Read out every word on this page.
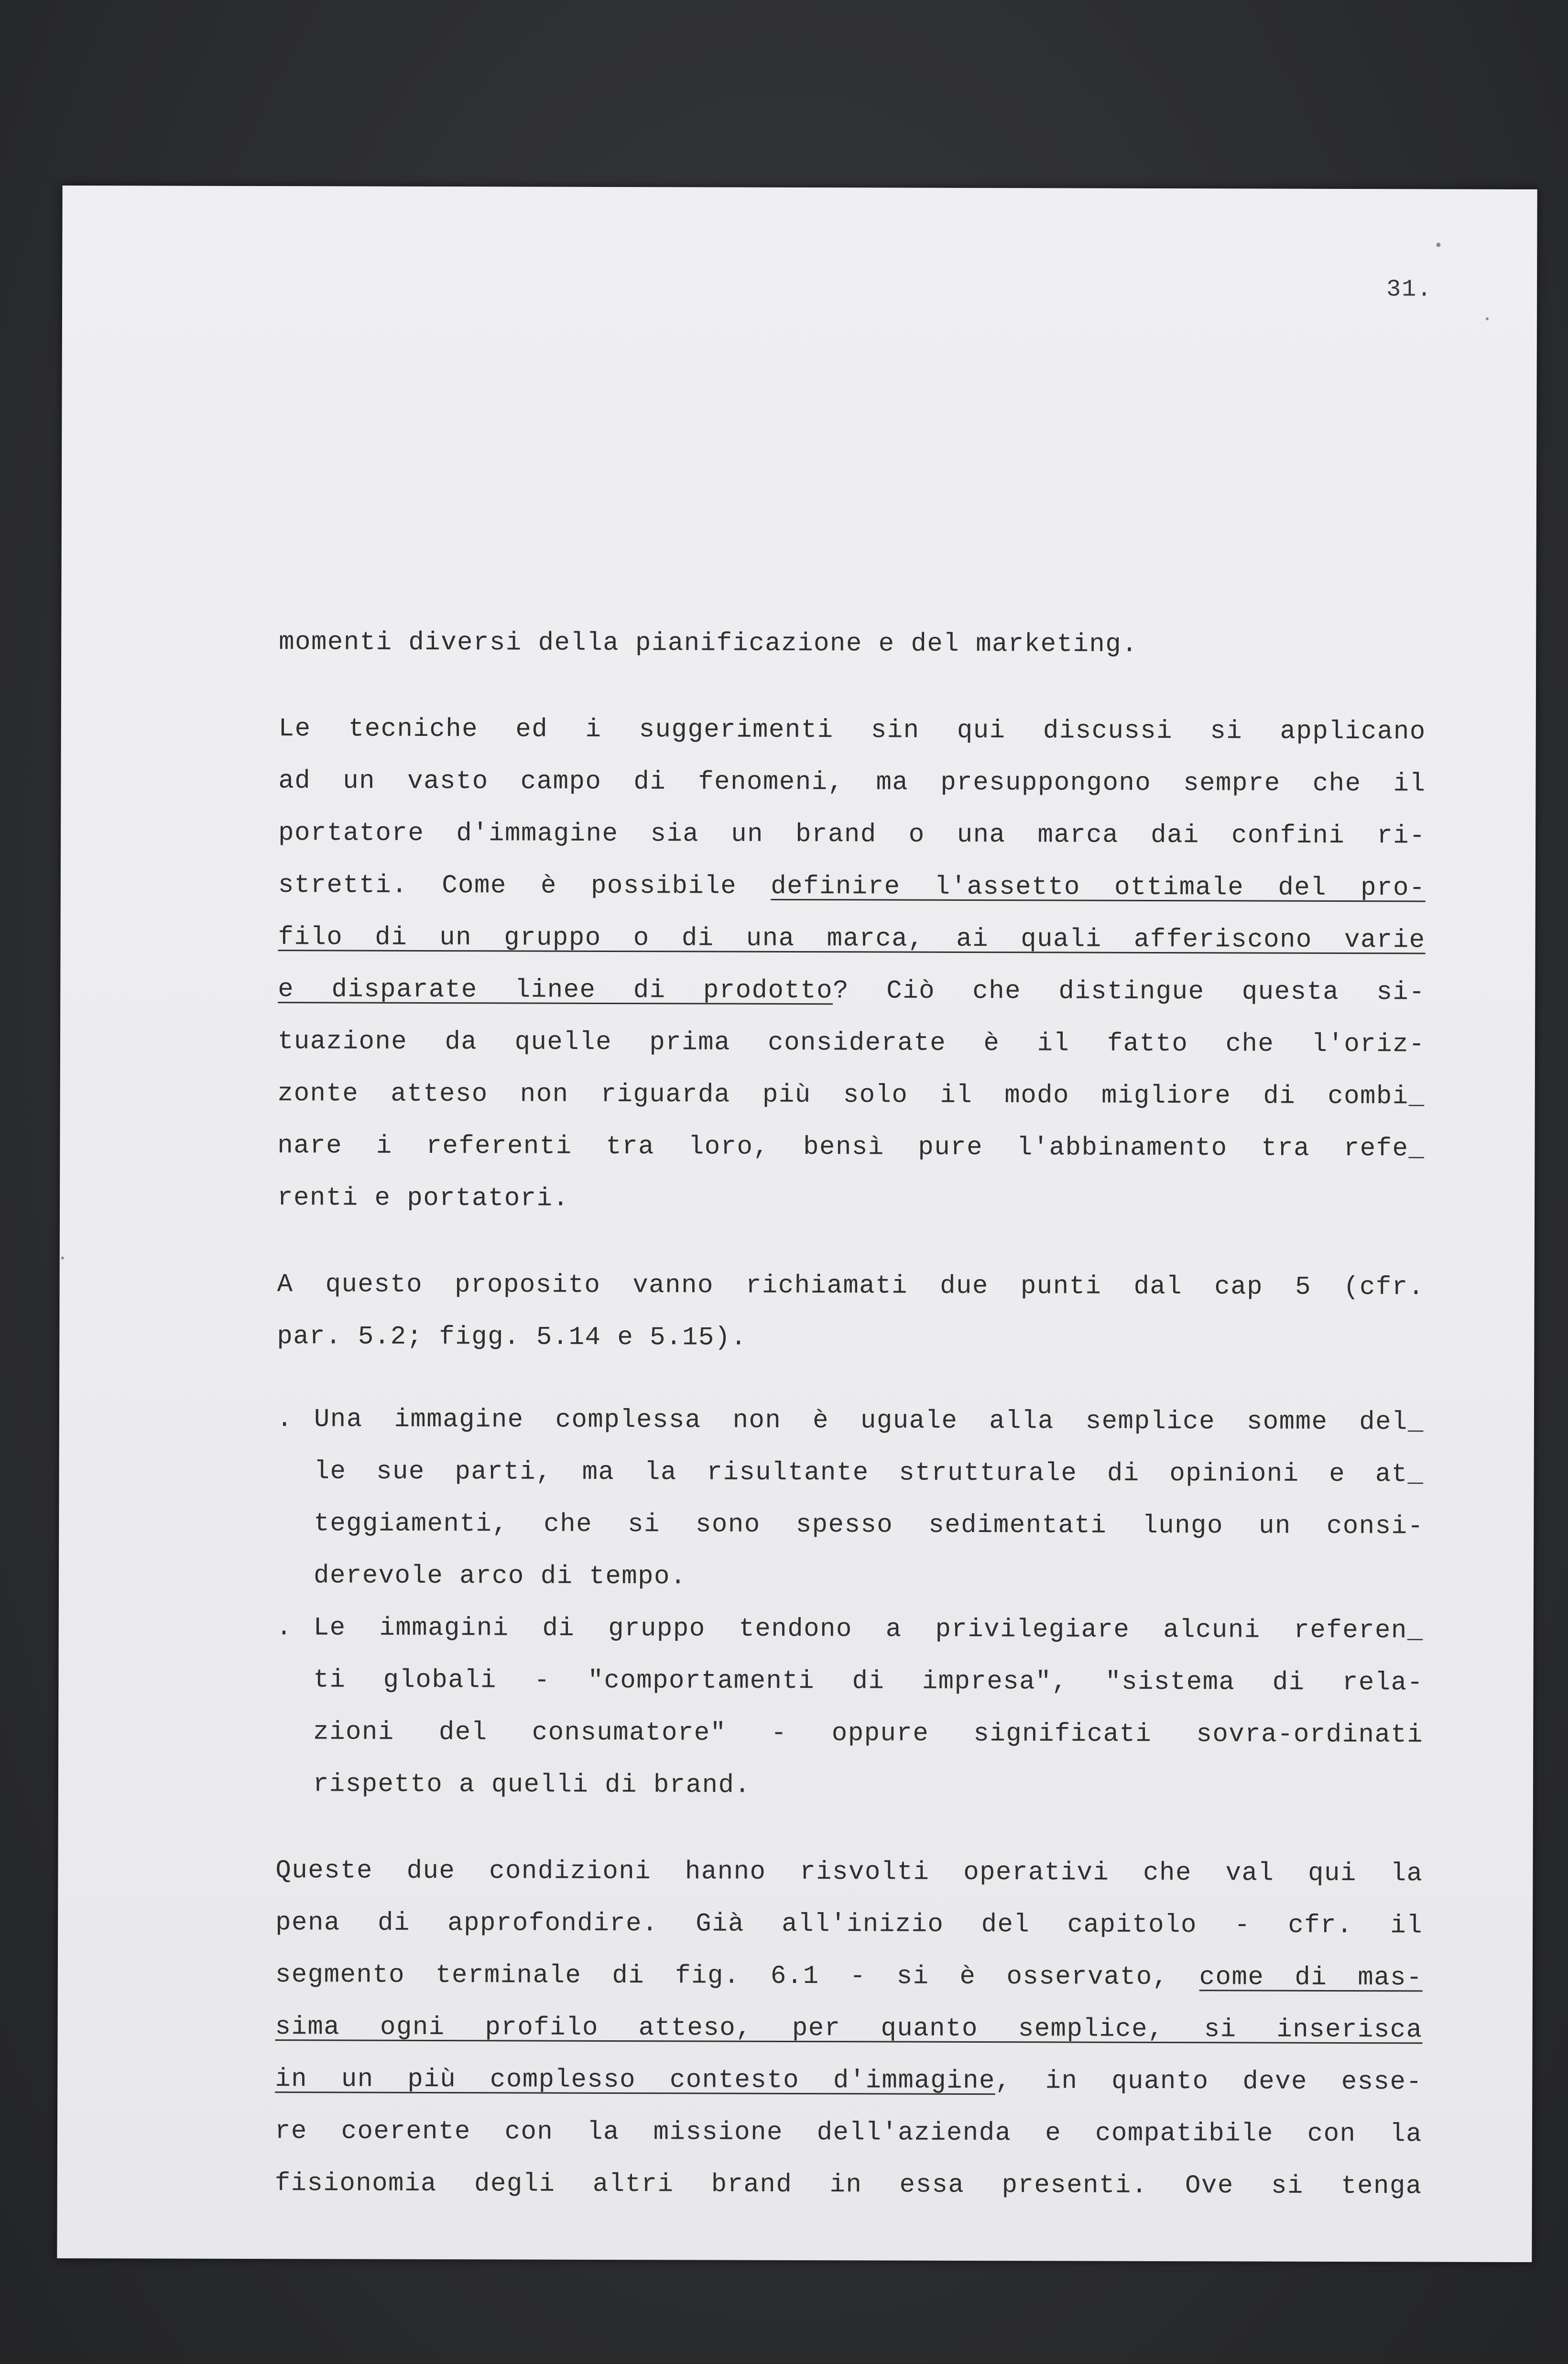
31.
momenti diversi della pianificazione e del marketing.
Le tecniche ed i suggerimenti sin qui discussi si applicano
ad un vasto campo di fenomeni, ma presuppongono sempre che il
portatore d'immagine sia un brand o una marca dai confini ri-
stretti. Come è possibile definire l'assetto ottimale del pro-
filo di un gruppo o di una marca, ai quali afferiscono varie
e disparate linee di prodotto? Ciò che distingue questa si-
tuazione da quelle prima considerate è il fatto che l'oriz-
zonte atteso non riguarda più solo il modo migliore di combi_
nare i referenti tra loro, bensì pure l'abbinamento tra refe_
renti e portatori.
A questo proposito vanno richiamati due punti dal cap 5 (cfr.
par. 5.2; figg. 5.14 e 5.15).
. Una immagine complessa non è uguale alla semplice somme del_
le sue parti, ma la risultante strutturale di opinioni e at_
teggiamenti, che si sono spesso sedimentati lungo un consi-
derevole arco di tempo.
. Le immagini di gruppo tendono a privilegiare alcuni referen_
ti globali - "comportamenti di impresa", "sistema di rela-
zioni del consumatore" - oppure significati sovra-ordinati
rispetto a quelli di brand.
Queste due condizioni hanno risvolti operativi che val qui la
pena di approfondire. Già all'inizio del capitolo - cfr. il
segmento terminale di fig. 6.1 - si è osservato, come di mas-
sima ogni profilo atteso, per quanto semplice, si inserisca
in un più complesso contesto d'immagine, in quanto deve esse-
re coerente con la missione dell'azienda e compatibile con la
fisionomia degli altri brand in essa presenti. Ove si tenga
